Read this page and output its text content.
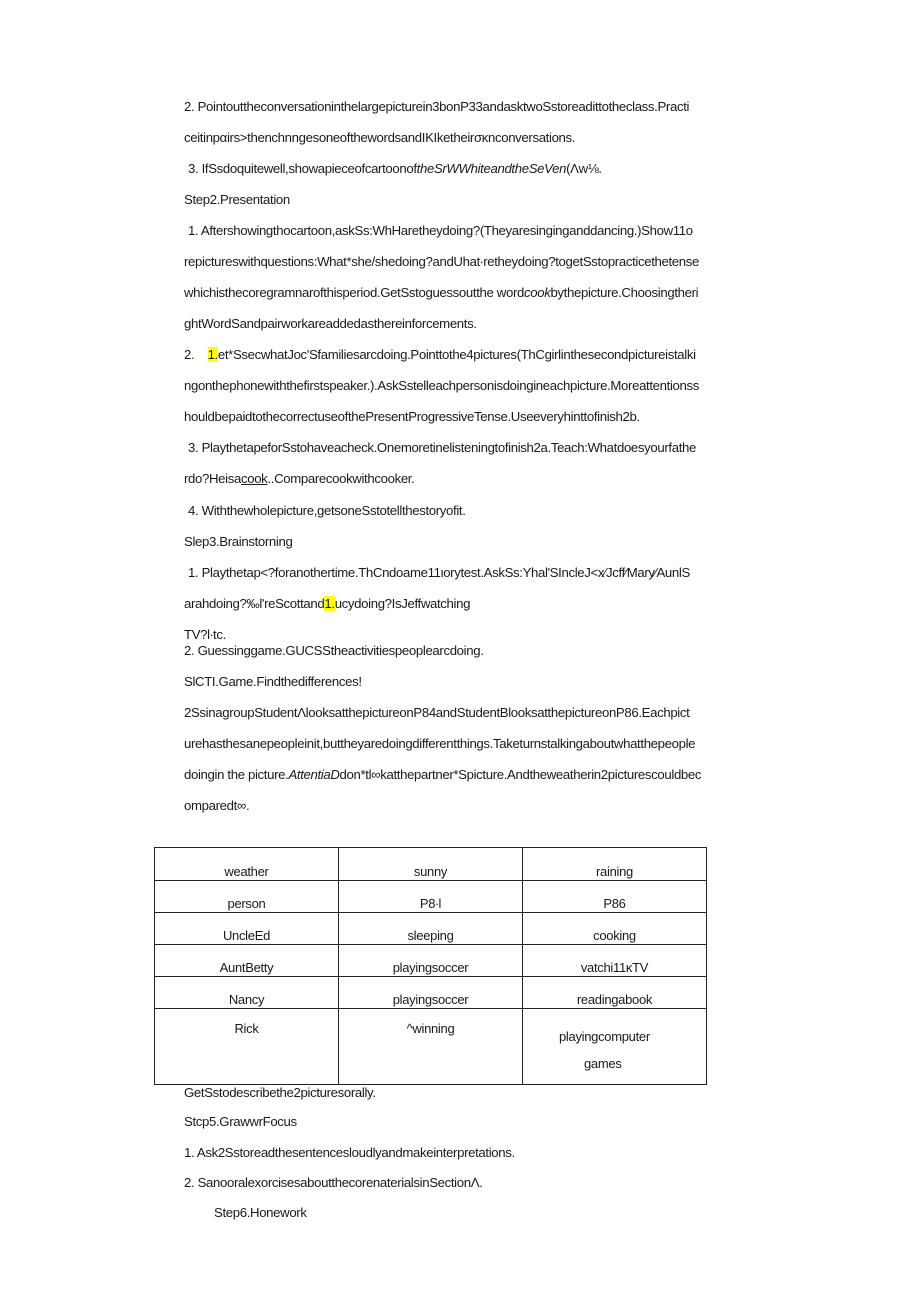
2. Pointouttheconversationinthelargepicturein3bonP33andasktwoSstoreadittotheclass.Practi
ceitinpαirs>thenchnngesoneofthewordsandIKIketheirσκnconversations.
3. IfSsdoquitewell,showapieceofcartoonoftheSrWWhiteandtheSeVen(Λw⅛.
Step2.Presentation
1. Aftershowingthocartoon,askSs:WhHaretheydoing?(Theyaresinginganddancing.)Show11o
repictureswithquestions:What*she/shedoing?andUhat∙retheydoing?togetSstopracticethetense
whichisthecoregramnarofthisperiod.GetSstoguessoutthe wordcookbythepicture.Choosingtheri
ghtWordSandpairworkareaddedasthereinforcements.
2.    1.et*SsecwhatJoc'Sfamiliesarcdoing.Pointtothe4pictures(ThCgirlinthesecondpictureistalki
ngonthephonewiththefirstspeaker.).AskSstelleachpersonisdoingineachpicture.Moreattentionss
houldbepaidtothecorrectuseofthePresentProgressiveTense.Useeveryhinttofinish2b.
3. PlaythetapeforSstohaveacheck.Onemoretinelisteningtofinish2a.Teach:Whatdoesyourfathe
rdo?Heisacook..Comparecookwithcooker.
4. Withthewholepicture,getsoneSstotellthestoryofit.
Slep3.Brainstorning
1. Playthetap<?foranothertime.ThCndoame11ιorytest.AskSs:Yhal'SIncleJ<x∕Jcff∕Mary∕AunlS
arahdoing?‰l'reScottand1.ucydoing?IsJeffwatching
TV?l∙tc.
2. Guessinggame.GUCSStheactivitiespeoplearcdoing.
SlCTI.Game.Findthedifferences!
2SsinagroupStudentΛlooksatthepictureonP84andStudentBlooksatthepictureonP86.Eachpict
urehasthesanepeopleinit,buttheyaredoingdifferentthings.Taketurnstalkingaboutwhatthepeople
doingin the picture.AttentiaDdon*tl∞katthepartner*Spicture.Andtheweatherin2picturescouldbec
omparedt∞.
weather	sunny	raining
person	P8∙l	P86
UncleEd	sleeping	cooking
AuntBetty	playingsoccer	vatchi11κTV
Nancy	playingsoccer	readingabook
Rick	^winning	playingcomputer
games
GetSstodescribethe2picturesorally.
Stcp5.GrawwrFocus
1. Ask2Sstoreadthesentencesloudlyandmakeinterpretations.
2. SanooralexorcisesaboutthecorenaterialsinSectionΛ.
Step6.Honework
